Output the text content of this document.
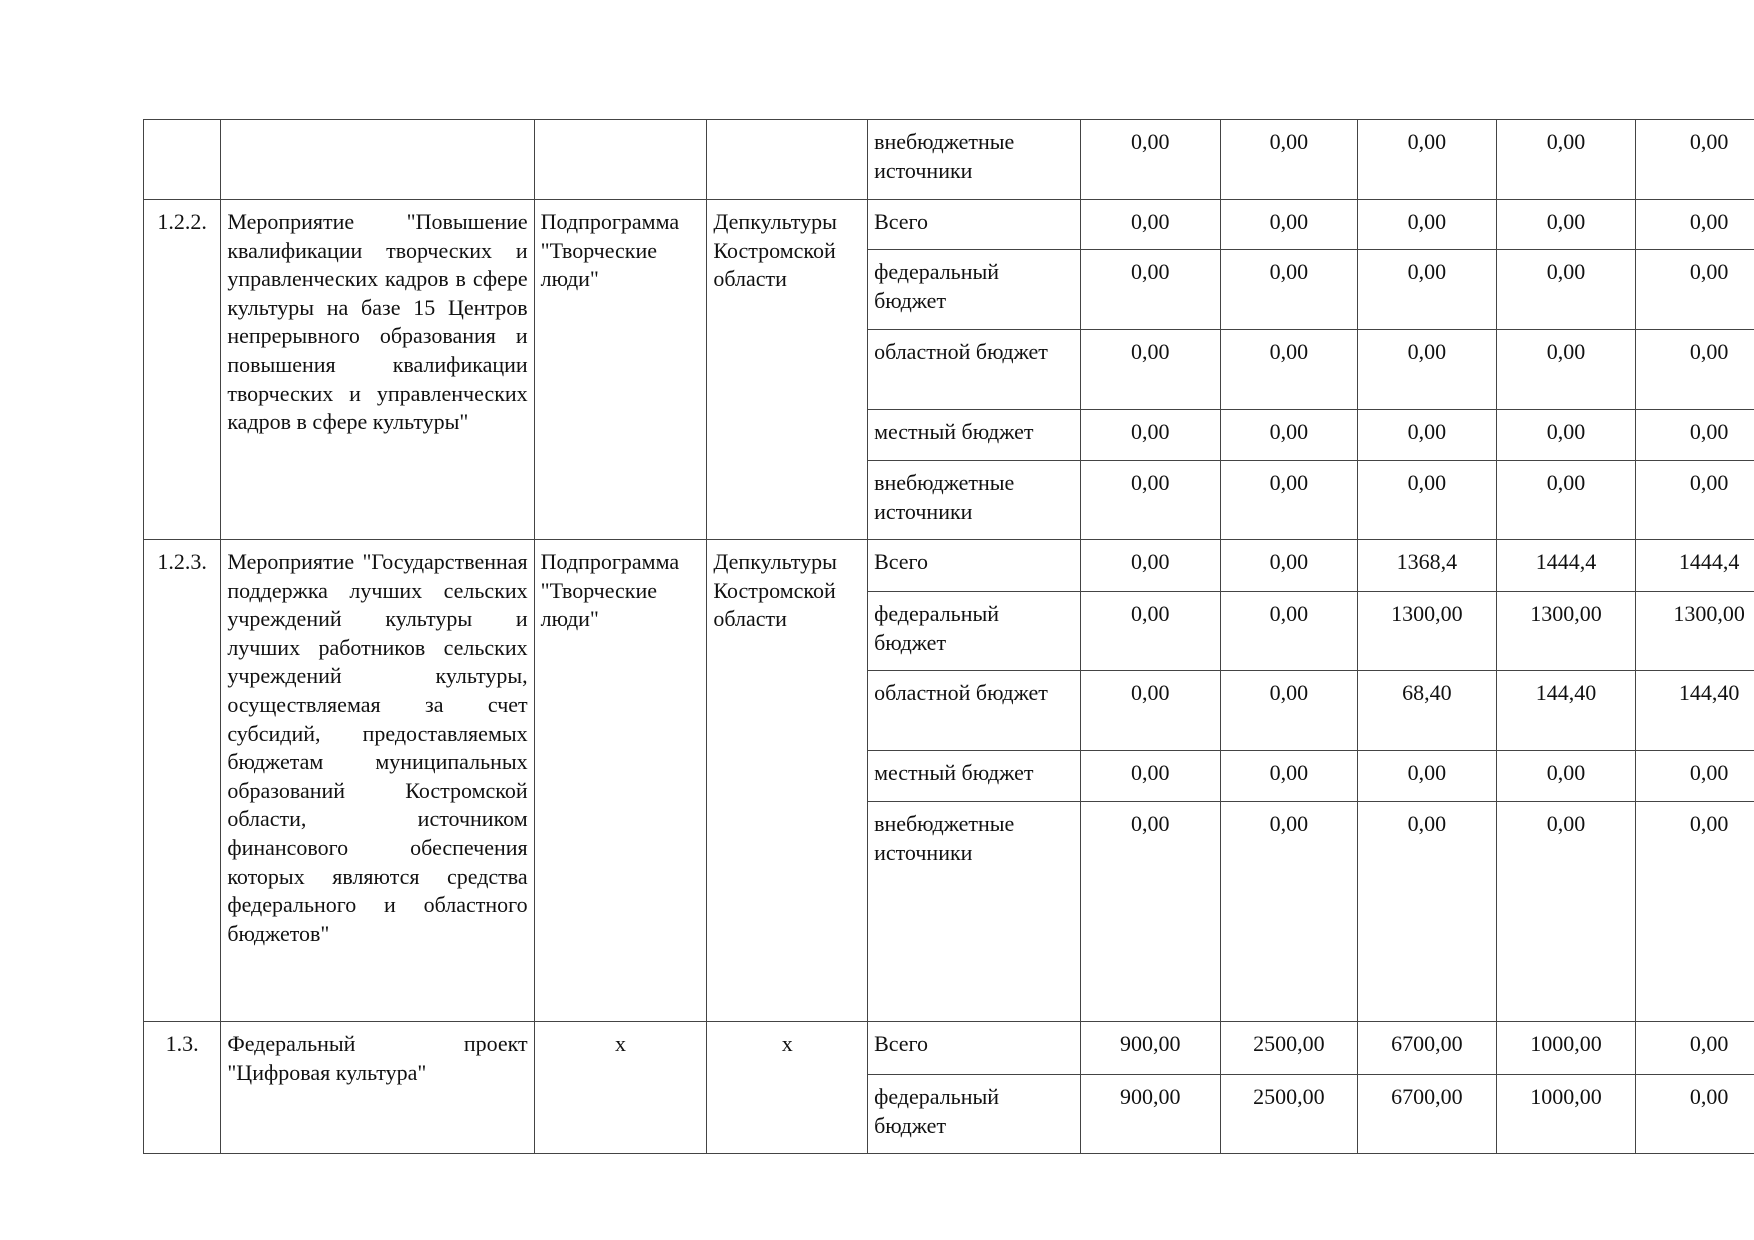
				внебюджетные источники	0,00	0,00	0,00	0,00	0,00
1.2.2.	Мероприятие "Повышение квалификации творческих и управленческих кадров в сфере культуры на базе 15 Центров непрерывного образования и повышения квалификации творческих и управленческих кадров в сфере культуры"	Подпрограмма "Творческие люди"	Депкультуры Костромской области	Всего	0,00	0,00	0,00	0,00	0,00
				федеральный бюджет	0,00	0,00	0,00	0,00	0,00
				областной бюджет	0,00	0,00	0,00	0,00	0,00
				местный бюджет	0,00	0,00	0,00	0,00	0,00
				внебюджетные источники	0,00	0,00	0,00	0,00	0,00
1.2.3.	Мероприятие "Государственная поддержка лучших сельских учреждений культуры и лучших работников сельских учреждений культуры, осуществляемая за счет субсидий, предоставляемых бюджетам муниципальных образований Костромской области, источником финансового обеспечения которых являются средства федерального и областного бюджетов"	Подпрограмма "Творческие люди"	Депкультуры Костромской области	Всего	0,00	0,00	1368,4	1444,4	1444,4
				федеральный бюджет	0,00	0,00	1300,00	1300,00	1300,00
				областной бюджет	0,00	0,00	68,40	144,40	144,40
				местный бюджет	0,00	0,00	0,00	0,00	0,00
				внебюджетные источники	0,00	0,00	0,00	0,00	0,00
1.3.	Федеральный проект "Цифровая культура"	x	x	Всего	900,00	2500,00	6700,00	1000,00	0,00
				федеральный бюджет	900,00	2500,00	6700,00	1000,00	0,00
